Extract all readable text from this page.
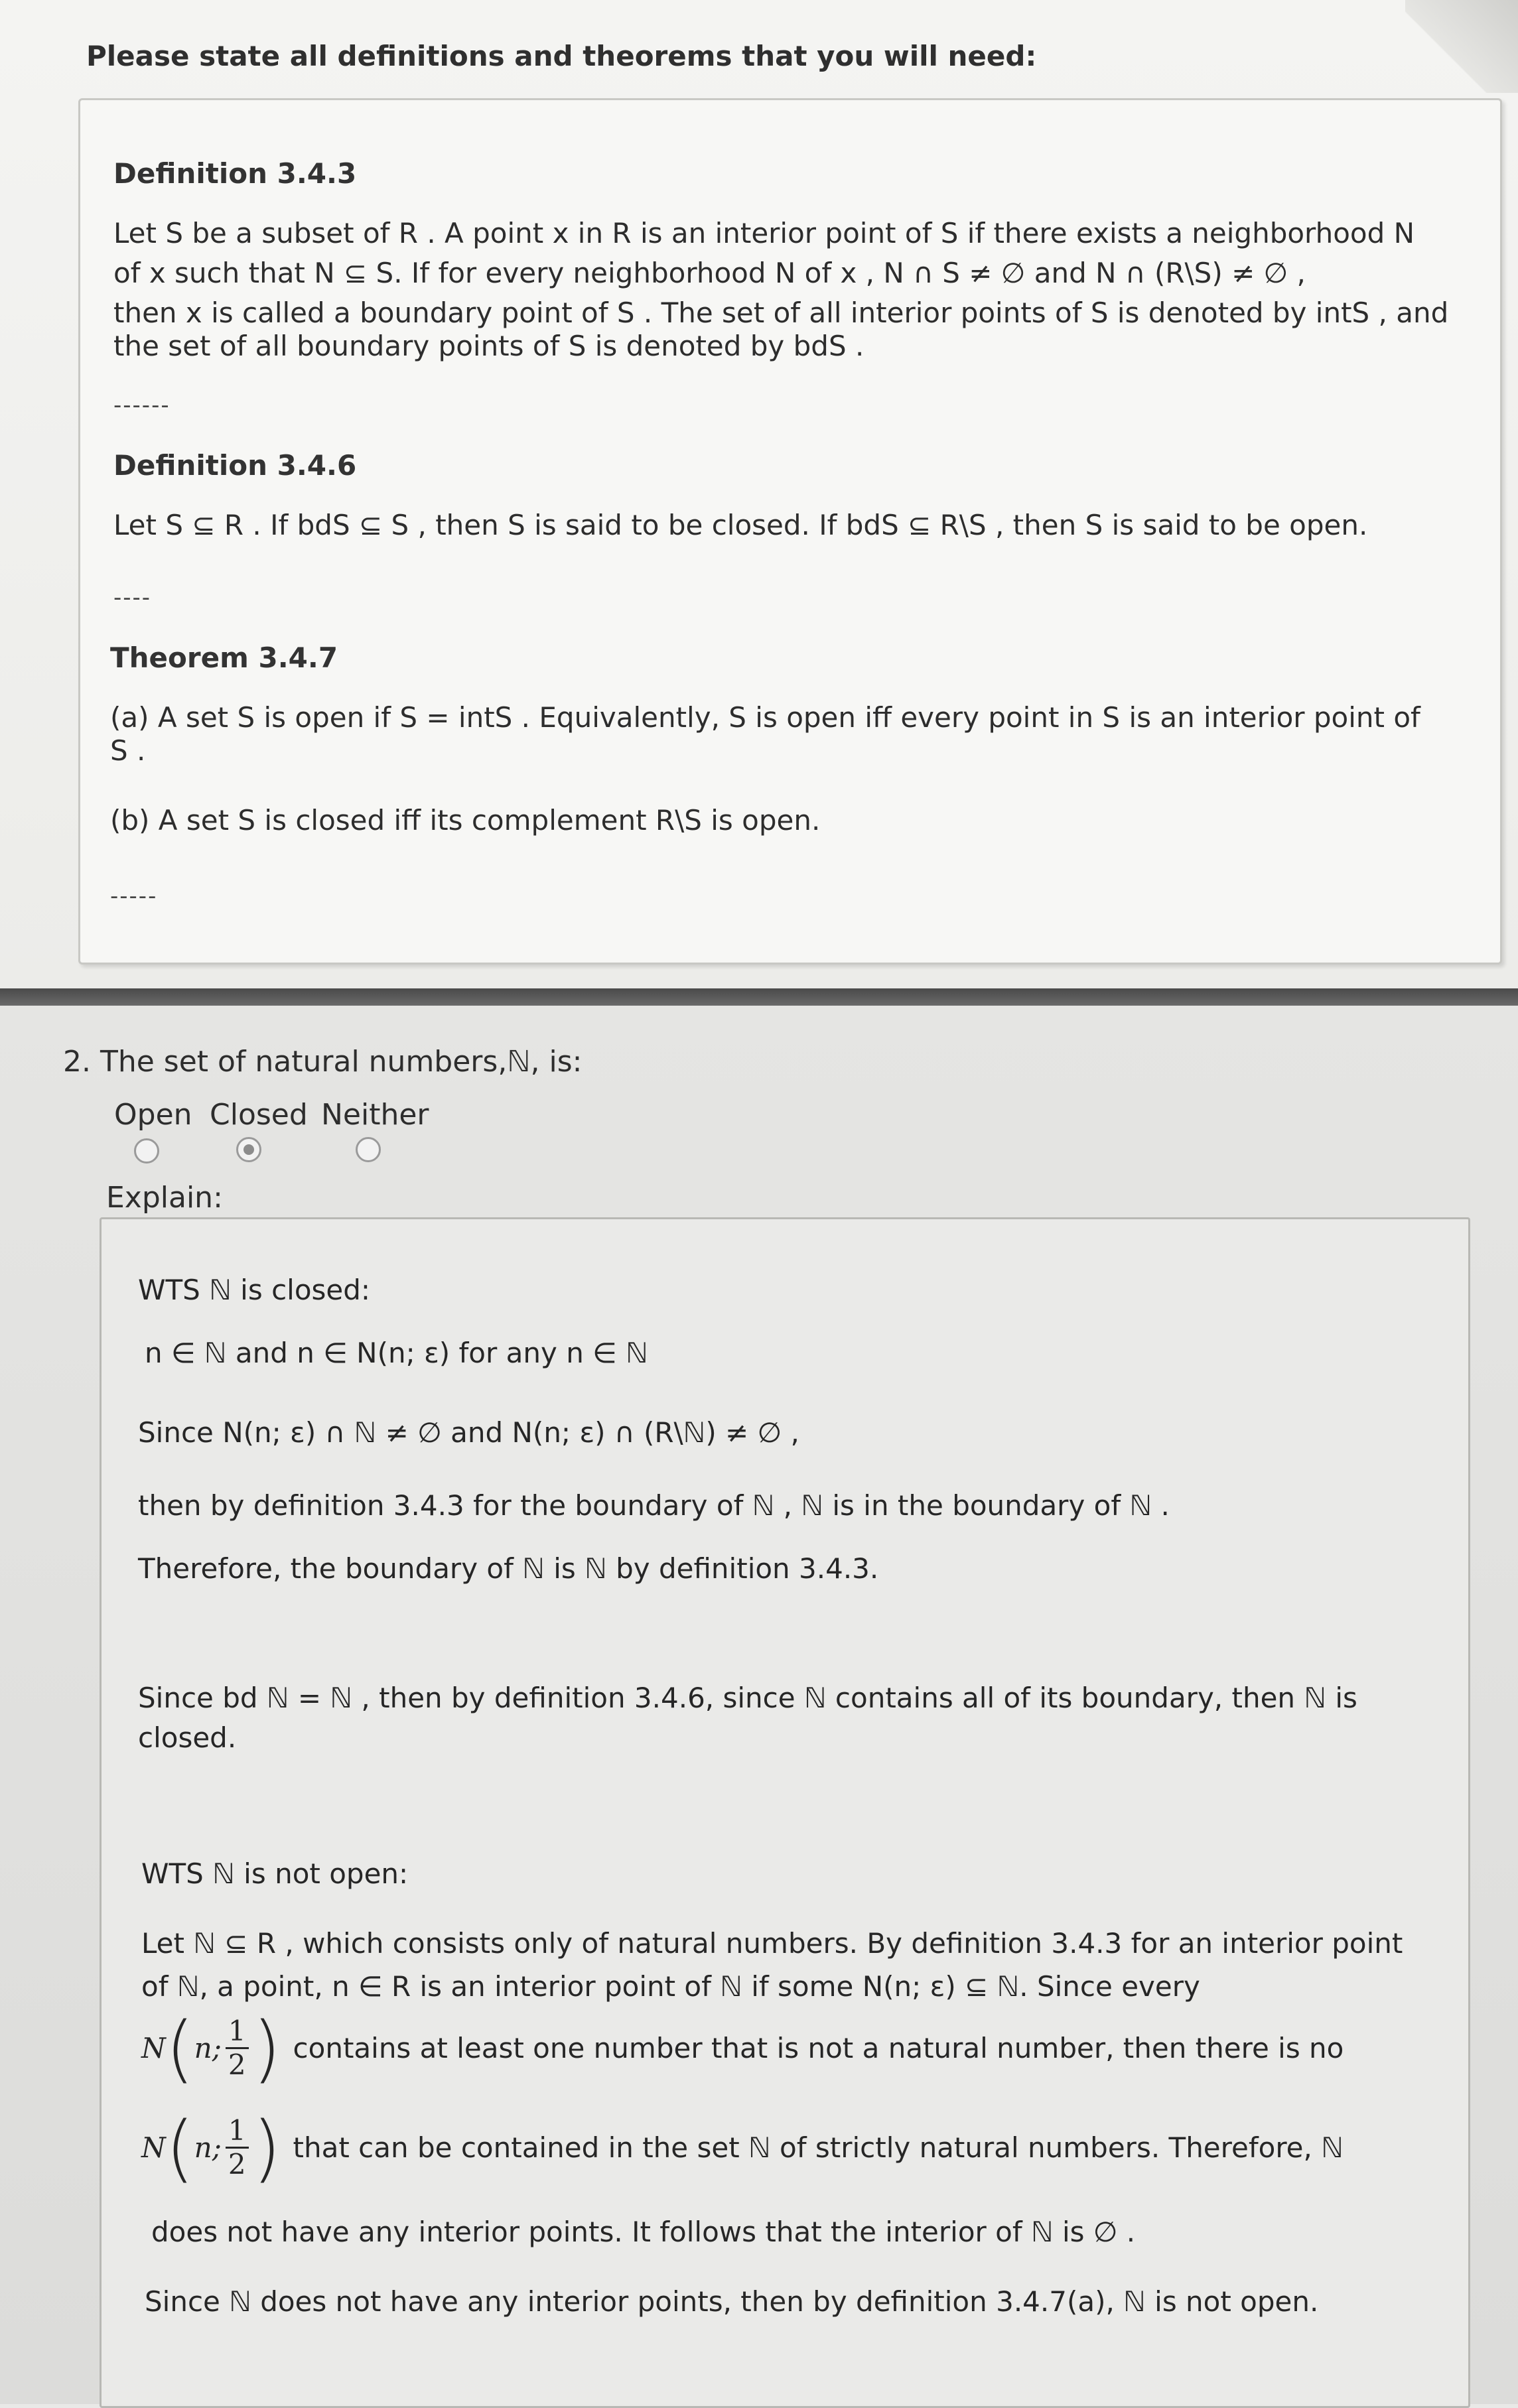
Please state all definitions and theorems that you will need:
Definition 3.4.3
Let S be a subset of R . A point x in R is an interior point of S if there exists a neighborhood N
of x such that N ⊆ S. If for every neighborhood N of x , N ∩ S ≠ ∅ and N ∩ (R\S) ≠ ∅ ,
then x is called a boundary point of S . The set of all interior points of S is denoted by intS , and
the set of all boundary points of S is denoted by bdS .
------
Definition 3.4.6
Let S ⊆ R . If bdS ⊆ S , then S is said to be closed. If bdS ⊆ R\S , then S is said to be open.
----
Theorem 3.4.7
(a) A set S is open if S = intS . Equivalently, S is open iff every point in S is an interior point of
S .
(b) A set S is closed iff its complement R\S is open.
-----
2. The set of natural numbers,ℕ, is:
Open Closed Neither
Explain:
WTS ℕ is closed:
n ∈ ℕ and n ∈ N(n; ε) for any n ∈ ℕ
Since N(n; ε) ∩ ℕ ≠ ∅ and N(n; ε) ∩ (R\ℕ) ≠ ∅ ,
then by definition 3.4.3 for the boundary of ℕ , ℕ is in the boundary of ℕ .
Therefore, the boundary of ℕ is ℕ by definition 3.4.3.
Since bd ℕ = ℕ , then by definition 3.4.6, since ℕ contains all of its boundary, then ℕ is
closed.
WTS ℕ is not open:
Let ℕ ⊆ R , which consists only of natural numbers. By definition 3.4.3 for an interior point
of ℕ, a point, n ∈ R is an interior point of ℕ if some N(n; ε) ⊆ ℕ. Since every
N ( n; $\frac{1}{2}$ ) contains at least one number that is not a natural number, then there is no
N ( n; $\frac{1}{2}$ ) that can be contained in the set ℕ of strictly natural numbers. Therefore, ℕ
does not have any interior points. It follows that the interior of ℕ is ∅ .
Since ℕ does not have any interior points, then by definition 3.4.7(a), ℕ is not open.
